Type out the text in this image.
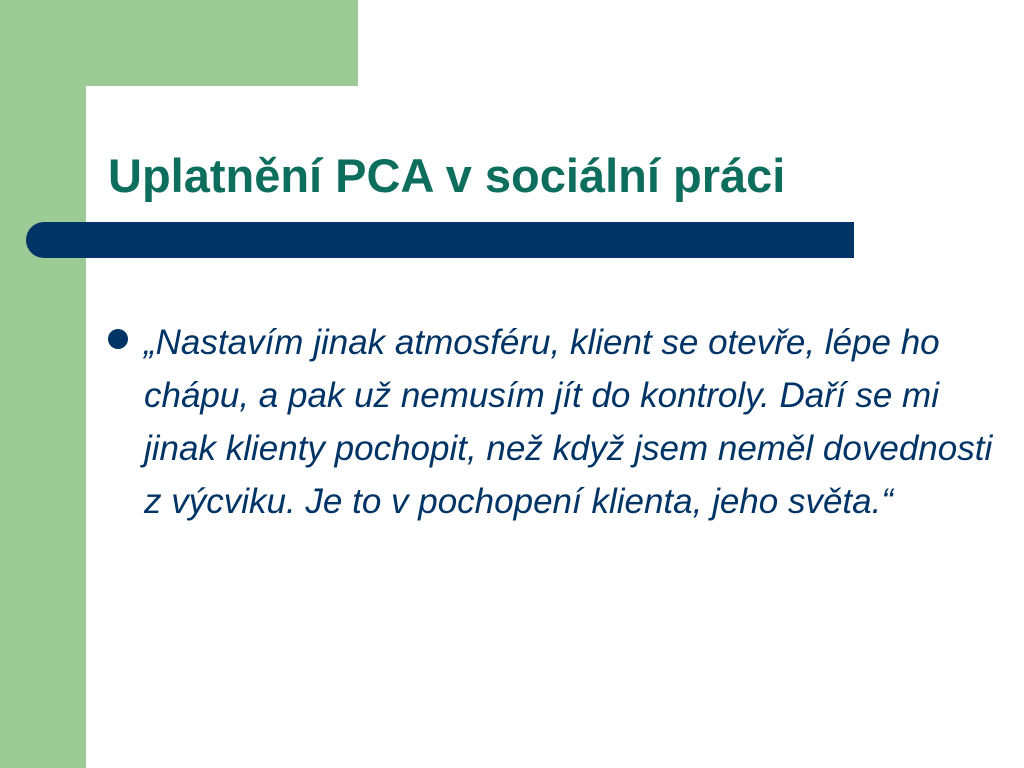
Uplatnění PCA v sociální práci
„Nastavím jinak atmosféru, klient se otevře, lépe ho chápu, a pak už nemusím jít do kontroly. Daří se mi jinak klienty pochopit, než když jsem neměl dovednosti z výcviku. Je to v pochopení klienta, jeho světa.“
